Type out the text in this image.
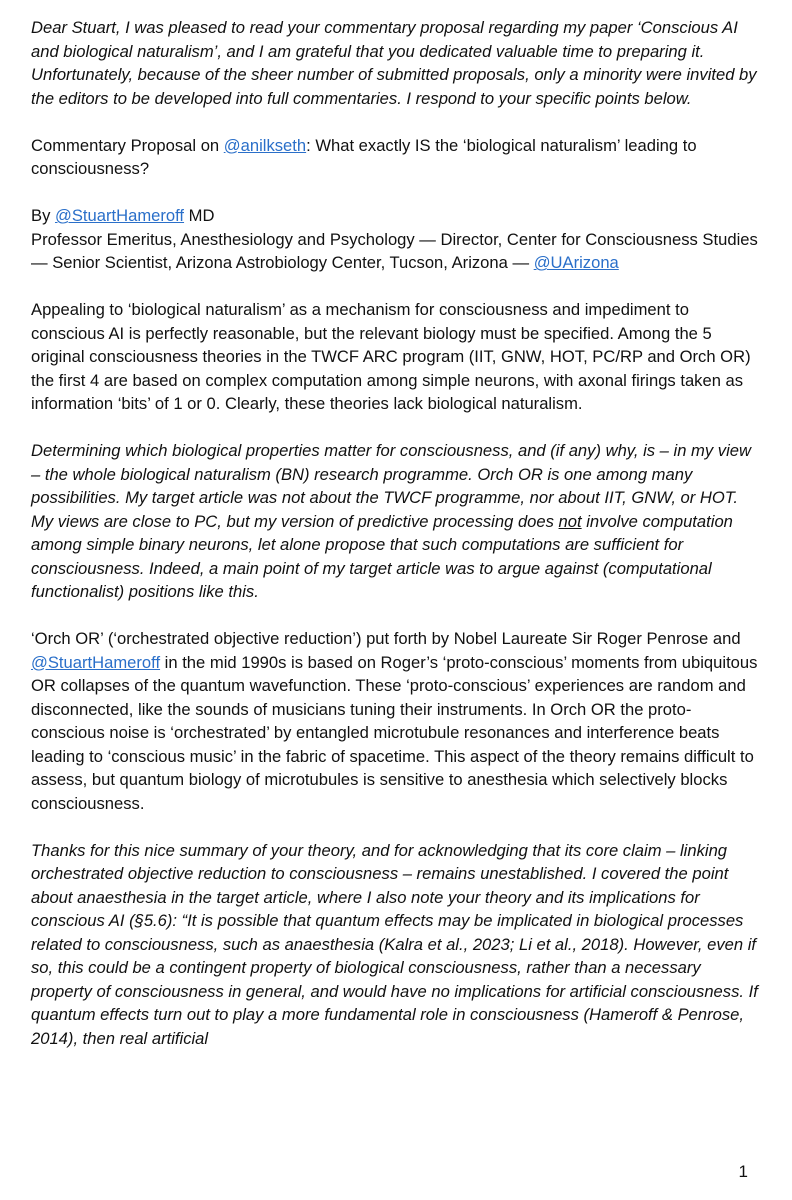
Dear Stuart, I was pleased to read your commentary proposal regarding my paper ‘Conscious AI and biological naturalism’, and I am grateful that you dedicated valuable time to preparing it. Unfortunately, because of the sheer number of submitted proposals, only a minority were invited by the editors to be developed into full commentaries. I respond to your specific points below.

Commentary Proposal on @anilkseth: What exactly IS the ‘biological naturalism’ leading to consciousness?

By @StuartHameroff MD
Professor Emeritus, Anesthesiology and Psychology — Director, Center for Consciousness Studies — Senior Scientist, Arizona Astrobiology Center, Tucson, Arizona — @UArizona

Appealing to ‘biological naturalism’ as a mechanism for consciousness and impediment to conscious AI is perfectly reasonable, but the relevant biology must be specified. Among the 5 original consciousness theories in the TWCF ARC program (IIT, GNW, HOT, PC/RP and Orch OR) the first 4 are based on complex computation among simple neurons, with axonal firings taken as information ‘bits’ of 1 or 0. Clearly, these theories lack biological naturalism.

Determining which biological properties matter for consciousness, and (if any) why, is – in my view – the whole biological naturalism (BN) research programme. Orch OR is one among many possibilities. My target article was not about the TWCF programme, nor about IIT, GNW, or HOT. My views are close to PC, but my version of predictive processing does not involve computation among simple binary neurons, let alone propose that such computations are sufficient for consciousness. Indeed, a main point of my target article was to argue against (computational functionalist) positions like this.

‘Orch OR’ (‘orchestrated objective reduction’) put forth by Nobel Laureate Sir Roger Penrose and @StuartHameroff in the mid 1990s is based on Roger’s ‘proto-conscious’ moments from ubiquitous OR collapses of the quantum wavefunction. These ‘proto-conscious’ experiences are random and disconnected, like the sounds of musicians tuning their instruments. In Orch OR the proto-conscious noise is ‘orchestrated’ by entangled microtubule resonances and interference beats leading to ‘conscious music’ in the fabric of spacetime. This aspect of the theory remains difficult to assess, but quantum biology of microtubules is sensitive to anesthesia which selectively blocks consciousness.

Thanks for this nice summary of your theory, and for acknowledging that its core claim – linking orchestrated objective reduction to consciousness – remains unestablished. I covered the point about anaesthesia in the target article, where I also note your theory and its implications for conscious AI (§5.6): “It is possible that quantum effects may be implicated in biological processes related to consciousness, such as anaesthesia (Kalra et al., 2023; Li et al., 2018). However, even if so, this could be a contingent property of biological consciousness, rather than a necessary property of consciousness in general, and would have no implications for artificial consciousness. If quantum effects turn out to play a more fundamental role in consciousness (Hameroff & Penrose, 2014), then real artificial

1
